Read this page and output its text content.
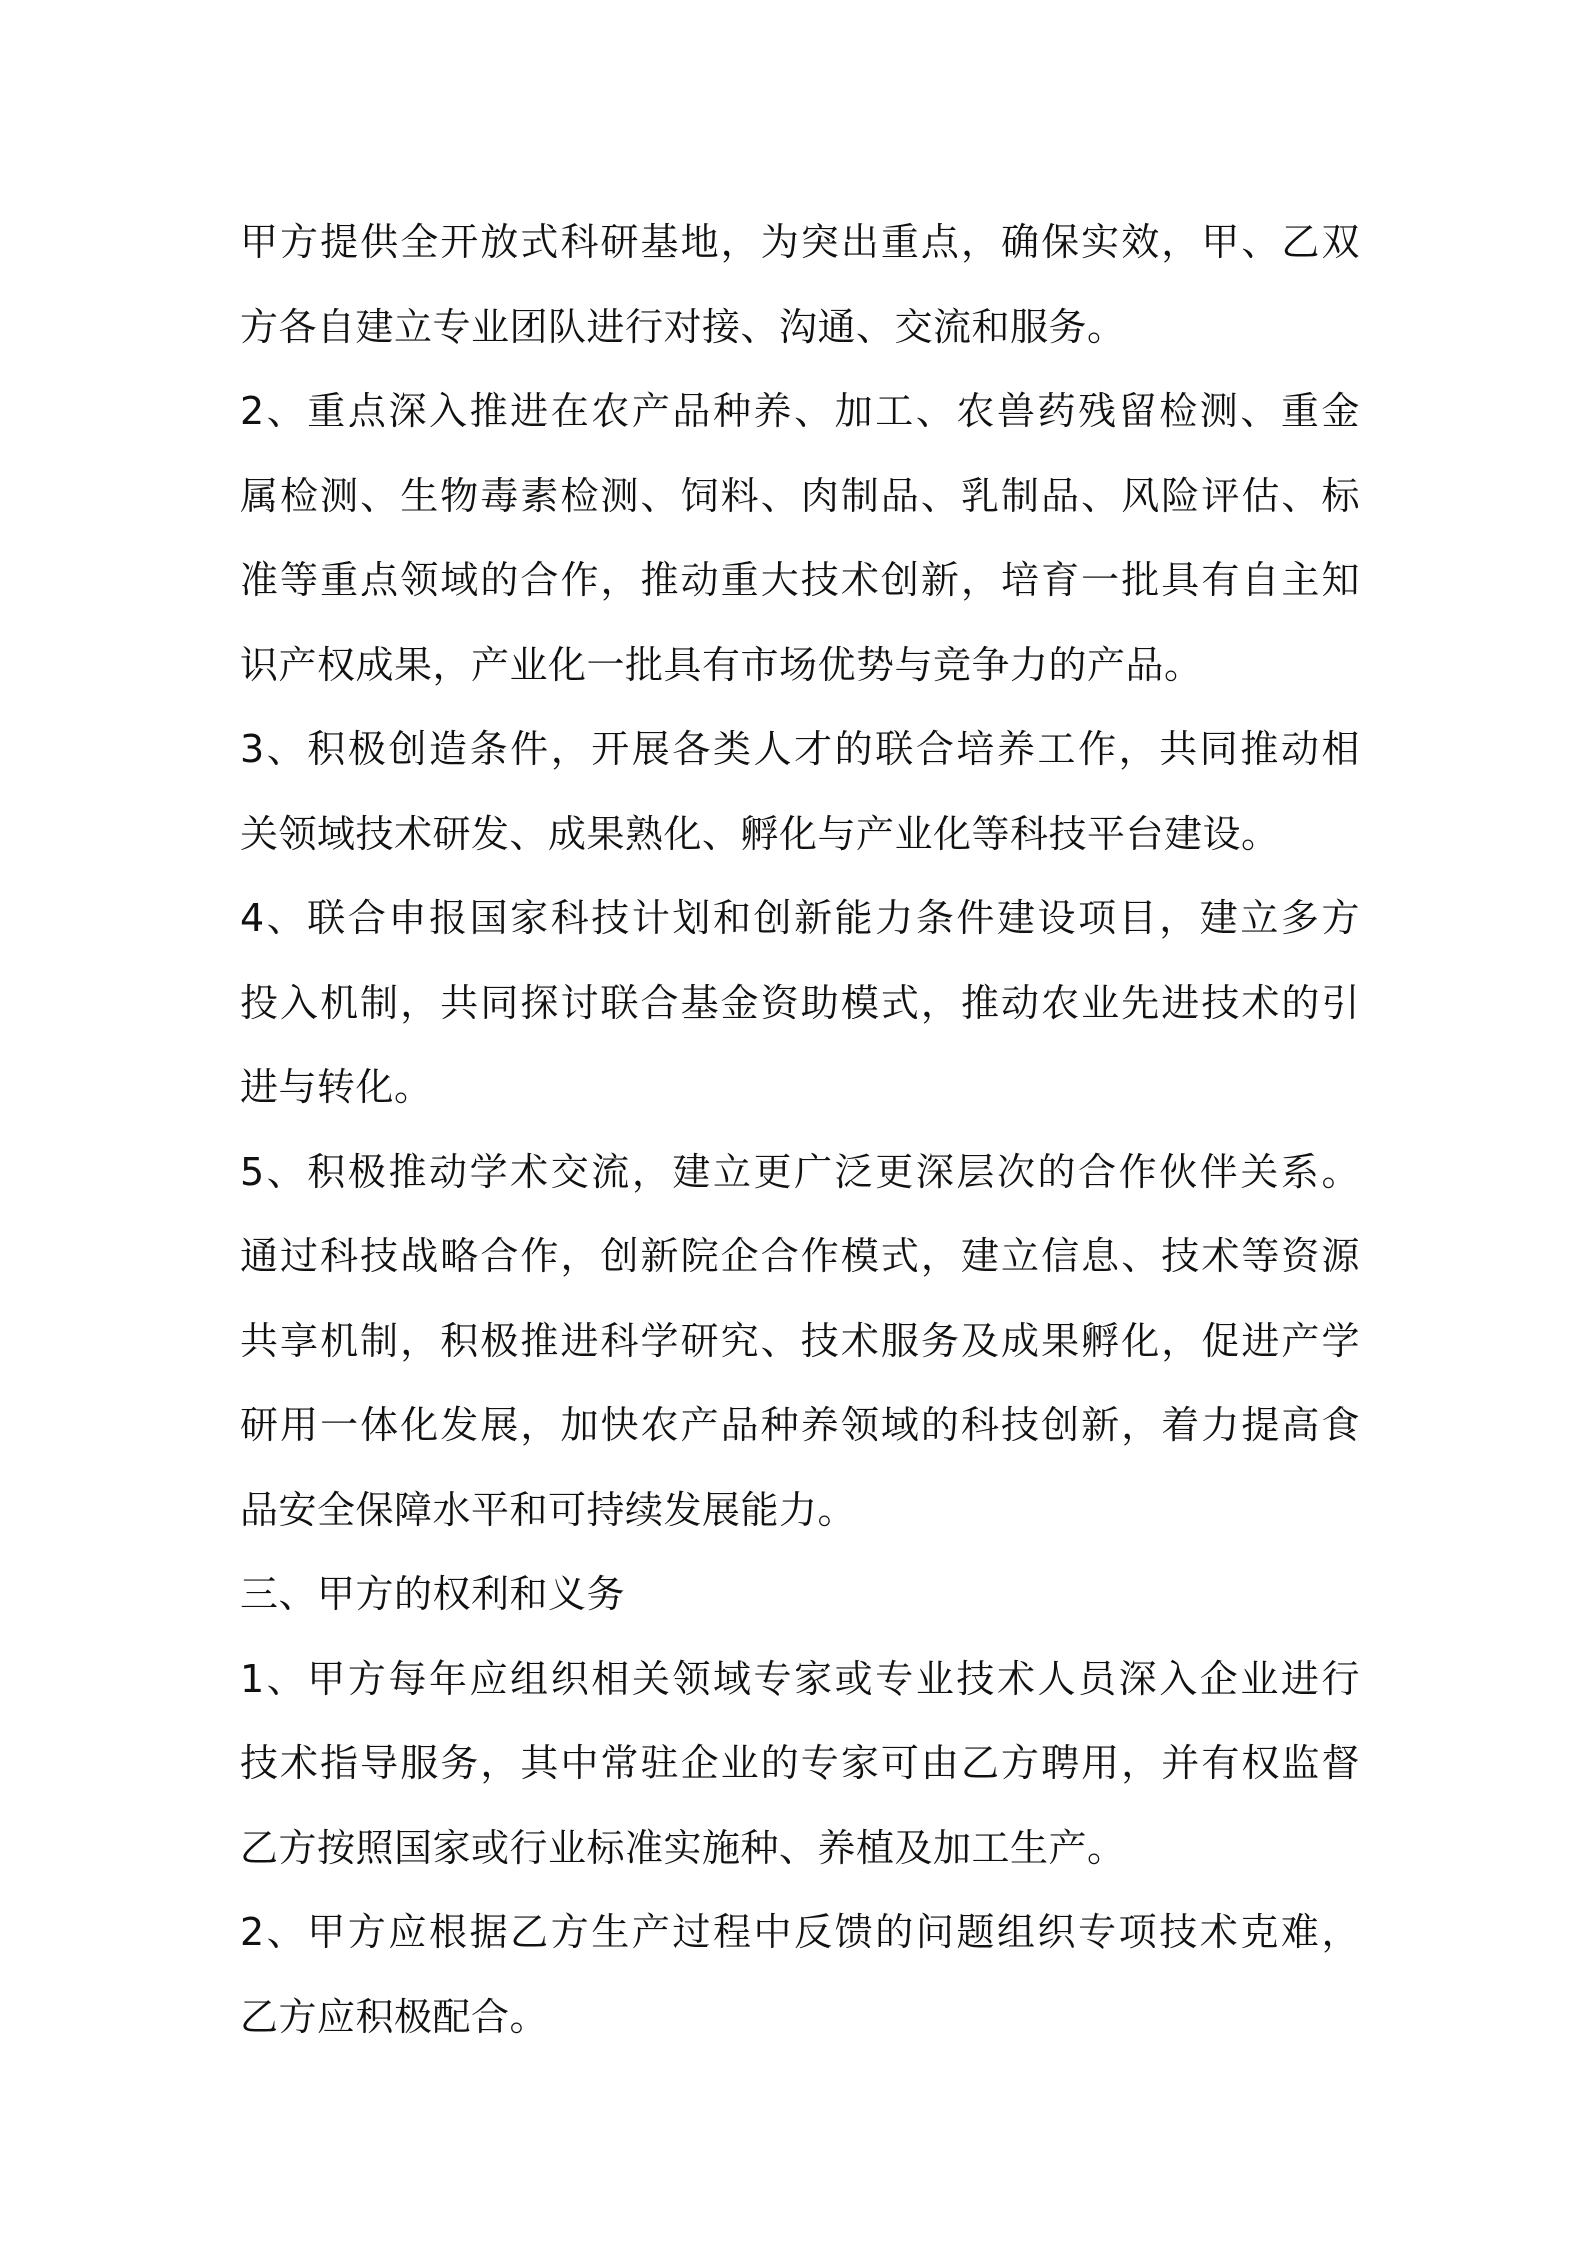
甲方提供全开放式科研基地，为突出重点，确保实效，甲、乙双
方各自建立专业团队进行对接、沟通、交流和服务。
2、重点深入推进在农产品种养、加工、农兽药残留检测、重金
属检测、生物毒素检测、饲料、肉制品、乳制品、风险评估、标
准等重点领域的合作，推动重大技术创新，培育一批具有自主知
识产权成果，产业化一批具有市场优势与竞争力的产品。
3、积极创造条件，开展各类人才的联合培养工作，共同推动相
关领域技术研发、成果熟化、孵化与产业化等科技平台建设。
4、联合申报国家科技计划和创新能力条件建设项目，建立多方
投入机制，共同探讨联合基金资助模式，推动农业先进技术的引
进与转化。
5、积极推动学术交流，建立更广泛更深层次的合作伙伴关系。
通过科技战略合作，创新院企合作模式，建立信息、技术等资源
共享机制，积极推进科学研究、技术服务及成果孵化，促进产学
研用一体化发展，加快农产品种养领域的科技创新，着力提高食
品安全保障水平和可持续发展能力。
三、甲方的权利和义务
1、甲方每年应组织相关领域专家或专业技术人员深入企业进行
技术指导服务，其中常驻企业的专家可由乙方聘用，并有权监督
乙方按照国家或行业标准实施种、养植及加工生产。
2、甲方应根据乙方生产过程中反馈的问题组织专项技术克难，
乙方应积极配合。
